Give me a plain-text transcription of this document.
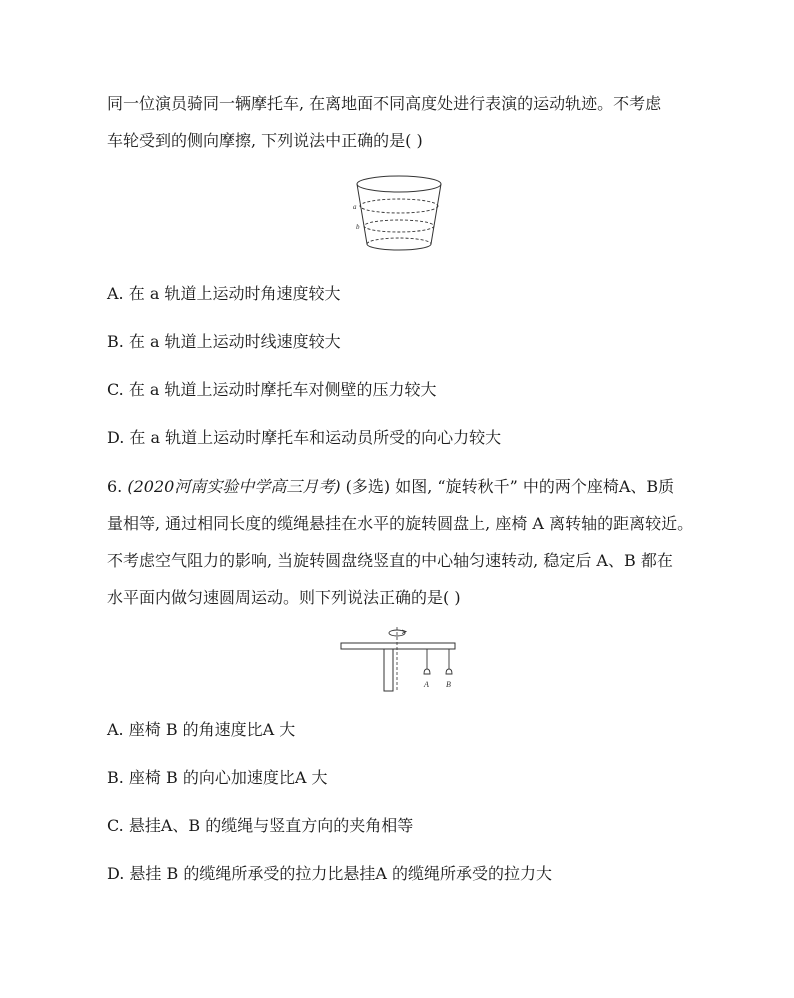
同一位演员骑同一辆摩托车, 在离地面不同高度处进行表演的运动轨迹。不考虑
车轮受到的侧向摩擦, 下列说法中正确的是( )
a
b
A. 在 a 轨道上运动时角速度较大
B. 在 a 轨道上运动时线速度较大
C. 在 a 轨道上运动时摩托车对侧壁的压力较大
D. 在 a 轨道上运动时摩托车和运动员所受的向心力较大
6. (2020河南实验中学高三月考) (多选) 如图, “旋转秋千” 中的两个座椅A、B质
量相等, 通过相同长度的缆绳悬挂在水平的旋转圆盘上, 座椅 A 离转轴的距离较近。
不考虑空气阻力的影响, 当旋转圆盘绕竖直的中心轴匀速转动, 稳定后 A、B 都在
水平面内做匀速圆周运动。则下列说法正确的是( )
A B
A. 座椅 B 的角速度比A 大
B. 座椅 B 的向心加速度比A 大
C. 悬挂A、B 的缆绳与竖直方向的夹角相等
D. 悬挂 B 的缆绳所承受的拉力比悬挂A 的缆绳所承受的拉力大
